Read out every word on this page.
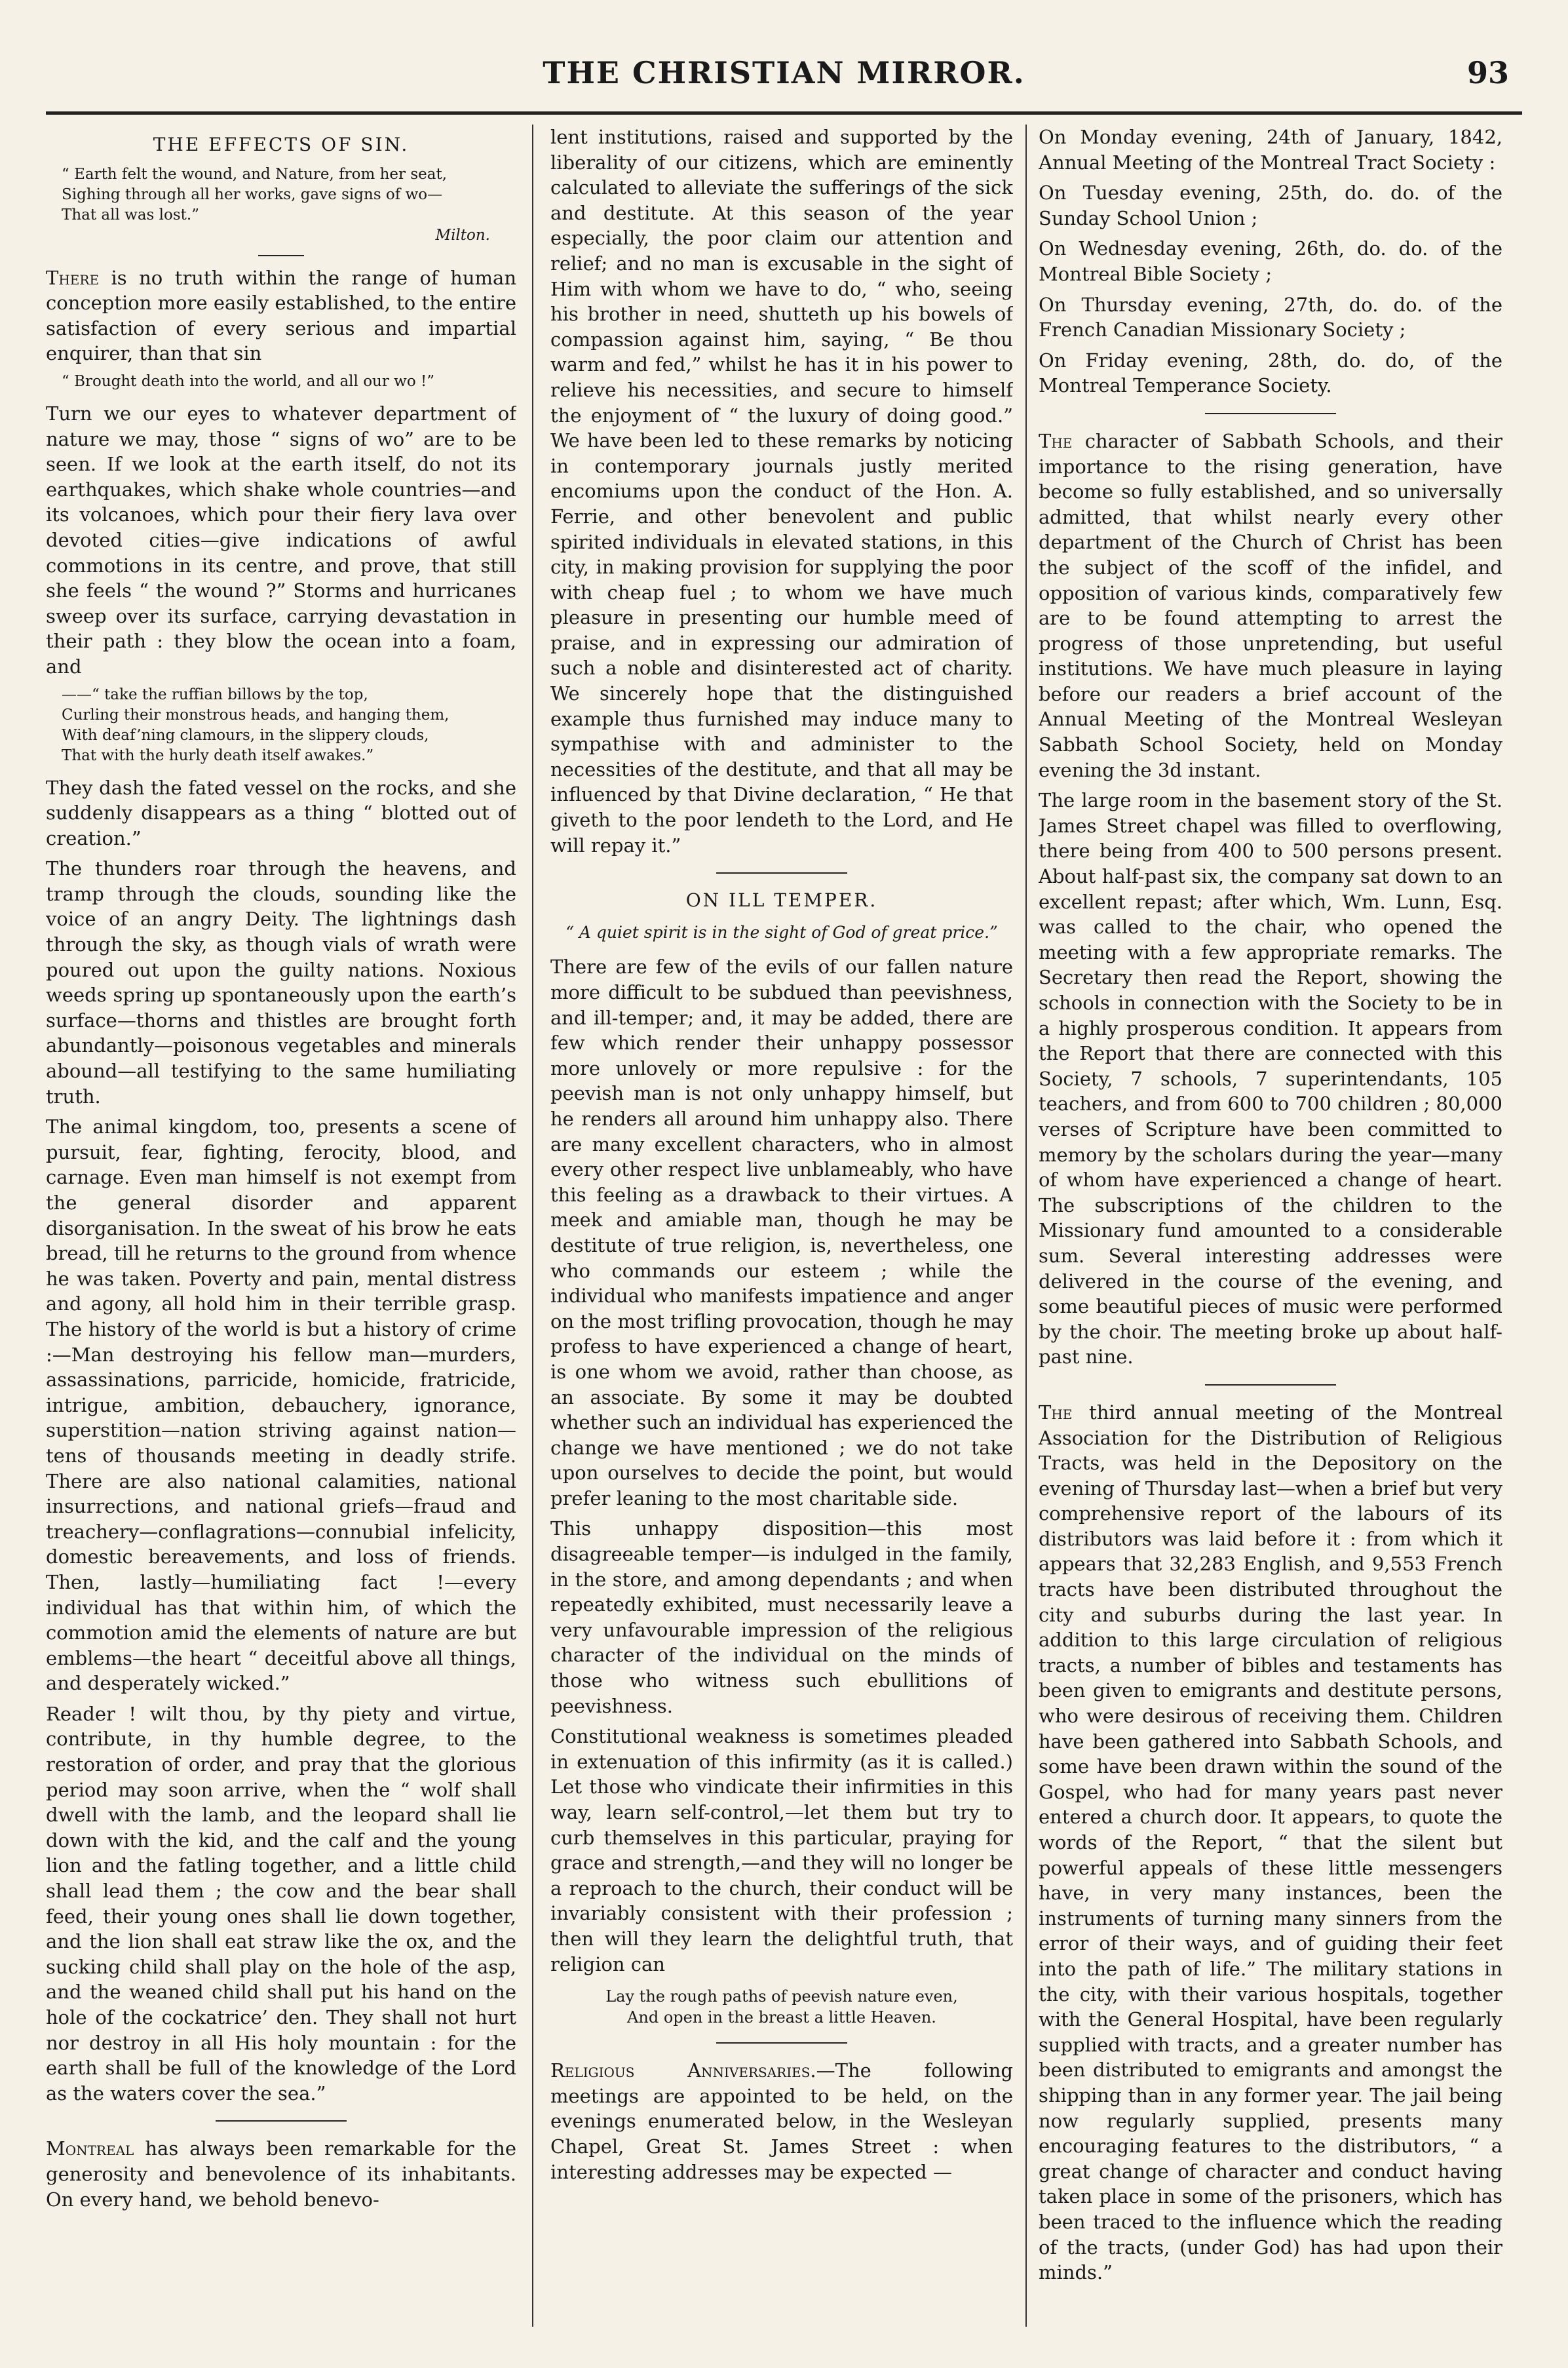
THE CHRISTIAN MIRROR.	93
THE EFFECTS OF SIN.
“ Earth felt the wound, and Nature, from her seat,
Sighing through all her works, gave signs of wo—
That all was lost.”
Milton.

There is no truth within the range of human conception more easily established, to the entire satisfaction of every serious and impartial enquirer, than that sin

“ Brought death into the world, and all our wo !”

Turn we our eyes to whatever department of nature we may, those “ signs of wo” are to be seen. If we look at the earth itself, do not its earthquakes, which shake whole countries—and its volcanoes, which pour their fiery lava over devoted cities—give indications of awful commotions in its centre, and prove, that still she feels “ the wound ?” Storms and hurricanes sweep over its surface, carrying devastation in their path : they blow the ocean into a foam, and

——“ take the ruffian billows by the top,
Curling their monstrous heads, and hanging them,
With deaf’ning clamours, in the slippery clouds,
That with the hurly death itself awakes.”

They dash the fated vessel on the rocks, and she suddenly disappears as a thing “ blotted out of creation.”

The thunders roar through the heavens, and tramp through the clouds, sounding like the voice of an angry Deity. The lightnings dash through the sky, as though vials of wrath were poured out upon the guilty nations. Noxious weeds spring up spontaneously upon the earth’s surface—thorns and thistles are brought forth abundantly—poisonous vegetables and minerals abound—all testifying to the same humiliating truth.

The animal kingdom, too, presents a scene of pursuit, fear, fighting, ferocity, blood, and carnage. Even man himself is not exempt from the general disorder and apparent disorganisation. In the sweat of his brow he eats bread, till he returns to the ground from whence he was taken. Poverty and pain, mental distress and agony, all hold him in their terrible grasp. The history of the world is but a history of crime :—Man destroying his fellow man—murders, assassinations, parricide, homicide, fratricide, intrigue, ambition, debauchery, ignorance, superstition—nation striving against nation—tens of thousands meeting in deadly strife. There are also national calamities, national insurrections, and national griefs—fraud and treachery—conflagrations—connubial infelicity, domestic bereavements, and loss of friends. Then, lastly—humiliating fact !—every individual has that within him, of which the commotion amid the elements of nature are but emblems—the heart “ deceitful above all things, and desperately wicked.”

Reader ! wilt thou, by thy piety and virtue, contribute, in thy humble degree, to the restoration of order, and pray that the glorious period may soon arrive, when the “ wolf shall dwell with the lamb, and the leopard shall lie down with the kid, and the calf and the young lion and the fatling together, and a little child shall lead them ; the cow and the bear shall feed, their young ones shall lie down together, and the lion shall eat straw like the ox, and the sucking child shall play on the hole of the asp, and the weaned child shall put his hand on the hole of the cockatrice’ den. They shall not hurt nor destroy in all His holy mountain : for the earth shall be full of the knowledge of the Lord as the waters cover the sea.”

Montreal has always been remarkable for the generosity and benevolence of its inhabitants. On every hand, we behold benevo-

lent institutions, raised and supported by the liberality of our citizens, which are eminently calculated to alleviate the sufferings of the sick and destitute. At this season of the year especially, the poor claim our attention and relief; and no man is excusable in the sight of Him with whom we have to do, “ who, seeing his brother in need, shutteth up his bowels of compassion against him, saying, “ Be thou warm and fed,” whilst he has it in his power to relieve his necessities, and secure to himself the enjoyment of “ the luxury of doing good.” We have been led to these remarks by noticing in contemporary journals justly merited encomiums upon the conduct of the Hon. A. Ferrie, and other benevolent and public spirited individuals in elevated stations, in this city, in making provision for supplying the poor with cheap fuel ; to whom we have much pleasure in presenting our humble meed of praise, and in expressing our admiration of such a noble and disinterested act of charity. We sincerely hope that the distinguished example thus furnished may induce many to sympathise with and administer to the necessities of the destitute, and that all may be influenced by that Divine declaration, “ He that giveth to the poor lendeth to the Lord, and He will repay it.”

ON ILL TEMPER.
“ A quiet spirit is in the sight of God of great price.”

There are few of the evils of our fallen nature more difficult to be subdued than peevishness, and ill-temper; and, it may be added, there are few which render their unhappy possessor more unlovely or more repulsive : for the peevish man is not only unhappy himself, but he renders all around him unhappy also. There are many excellent characters, who in almost every other respect live unblameably, who have this feeling as a drawback to their virtues. A meek and amiable man, though he may be destitute of true religion, is, nevertheless, one who commands our esteem ; while the individual who manifests impatience and anger on the most trifling provocation, though he may profess to have experienced a change of heart, is one whom we avoid, rather than choose, as an associate. By some it may be doubted whether such an individual has experienced the change we have mentioned ; we do not take upon ourselves to decide the point, but would prefer leaning to the most charitable side.

This unhappy disposition—this most disagreeable temper—is indulged in the family, in the store, and among dependants ; and when repeatedly exhibited, must necessarily leave a very unfavourable impression of the religious character of the individual on the minds of those who witness such ebullitions of peevishness.

Constitutional weakness is sometimes pleaded in extenuation of this infirmity (as it is called.) Let those who vindicate their infirmities in this way, learn self-control,—let them but try to curb themselves in this particular, praying for grace and strength,—and they will no longer be a reproach to the church, their conduct will be invariably consistent with their profession ; then will they learn the delightful truth, that religion can

Lay the rough paths of peevish nature even,
And open in the breast a little Heaven.

Religious Anniversaries.—The following meetings are appointed to be held, on the evenings enumerated below, in the Wesleyan Chapel, Great St. James Street : when interesting addresses may be expected —

On Monday evening, 24th of January, 1842, Annual Meeting of the Montreal Tract Society :

On Tuesday evening, 25th, do. do. of the Sunday School Union ;

On Wednesday evening, 26th, do. do. of the Montreal Bible Society ;

On Thursday evening, 27th, do. do. of the French Canadian Missionary Society ;

On Friday evening, 28th, do. do, of the Montreal Temperance Society.

The character of Sabbath Schools, and their importance to the rising generation, have become so fully established, and so universally admitted, that whilst nearly every other department of the Church of Christ has been the subject of the scoff of the infidel, and opposition of various kinds, comparatively few are to be found attempting to arrest the progress of those unpretending, but useful institutions. We have much pleasure in laying before our readers a brief account of the Annual Meeting of the Montreal Wesleyan Sabbath School Society, held on Monday evening the 3d instant.

The large room in the basement story of the St. James Street chapel was filled to overflowing, there being from 400 to 500 persons present. About half-past six, the company sat down to an excellent repast; after which, Wm. Lunn, Esq. was called to the chair, who opened the meeting with a few appropriate remarks. The Secretary then read the Report, showing the schools in connection with the Society to be in a highly prosperous condition. It appears from the Report that there are connected with this Society, 7 schools, 7 superintendants, 105 teachers, and from 600 to 700 children ; 80,000 verses of Scripture have been committed to memory by the scholars during the year—many of whom have experienced a change of heart. The subscriptions of the children to the Missionary fund amounted to a considerable sum. Several interesting addresses were delivered in the course of the evening, and some beautiful pieces of music were performed by the choir. The meeting broke up about half-past nine.

The third annual meeting of the Montreal Association for the Distribution of Religious Tracts, was held in the Depository on the evening of Thursday last—when a brief but very comprehensive report of the labours of its distributors was laid before it : from which it appears that 32,283 English, and 9,553 French tracts have been distributed throughout the city and suburbs during the last year. In addition to this large circulation of religious tracts, a number of bibles and testaments has been given to emigrants and destitute persons, who were desirous of receiving them. Children have been gathered into Sabbath Schools, and some have been drawn within the sound of the Gospel, who had for many years past never entered a church door. It appears, to quote the words of the Report, “ that the silent but powerful appeals of these little messengers have, in very many instances, been the instruments of turning many sinners from the error of their ways, and of guiding their feet into the path of life.” The military stations in the city, with their various hospitals, together with the General Hospital, have been regularly supplied with tracts, and a greater number has been distributed to emigrants and amongst the shipping than in any former year. The jail being now regularly supplied, presents many encouraging features to the distributors, “ a great change of character and conduct having taken place in some of the prisoners, which has been traced to the influence which the reading of the tracts, (under God) has had upon their minds.”
